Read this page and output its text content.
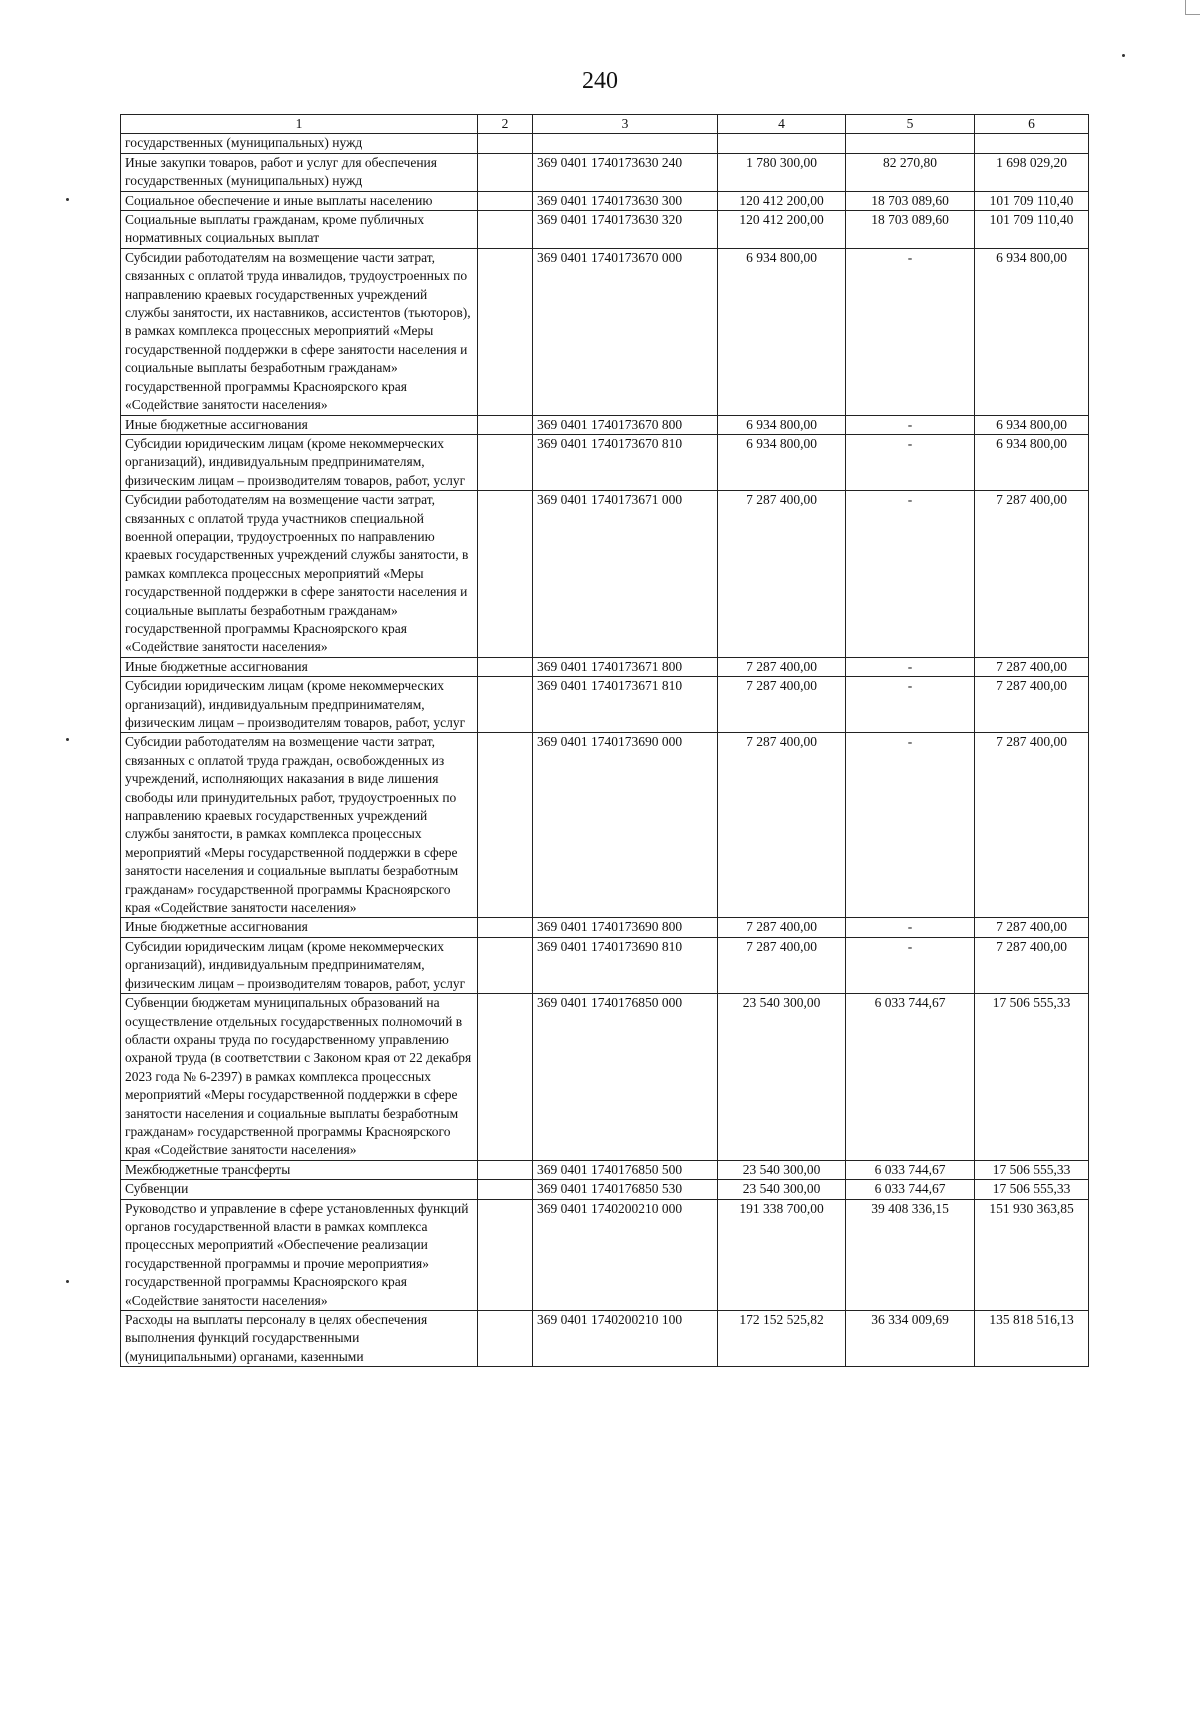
240
1	2	3	4	5	6
государственных (муниципальных) нужд					
Иные закупки товаров, работ и услуг для обеспечения государственных (муниципальных) нужд		369 0401 1740173630 240	1 780 300,00	82 270,80	1 698 029,20
Социальное обеспечение и иные выплаты населению		369 0401 1740173630 300	120 412 200,00	18 703 089,60	101 709 110,40
Социальные выплаты гражданам, кроме публичных нормативных социальных выплат		369 0401 1740173630 320	120 412 200,00	18 703 089,60	101 709 110,40
Субсидии работодателям на возмещение части затрат, связанных с оплатой труда инвалидов, трудоустроенных по направлению краевых государственных учреждений службы занятости, их наставников, ассистентов (тьюторов), в рамках комплекса процессных мероприятий «Меры государственной поддержки в сфере занятости населения и социальные выплаты безработным гражданам» государственной программы Красноярского края «Содействие занятости населения»		369 0401 1740173670 000	6 934 800,00	-	6 934 800,00
Иные бюджетные ассигнования		369 0401 1740173670 800	6 934 800,00	-	6 934 800,00
Субсидии юридическим лицам (кроме некоммерческих организаций), индивидуальным предпринимателям, физическим лицам – производителям товаров, работ, услуг		369 0401 1740173670 810	6 934 800,00	-	6 934 800,00
Субсидии работодателям на возмещение части затрат, связанных с оплатой труда участников специальной военной операции, трудоустроенных по направлению краевых государственных учреждений службы занятости, в рамках комплекса процессных мероприятий «Меры государственной поддержки в сфере занятости населения и социальные выплаты безработным гражданам» государственной программы Красноярского края «Содействие занятости населения»		369 0401 1740173671 000	7 287 400,00	-	7 287 400,00
Иные бюджетные ассигнования		369 0401 1740173671 800	7 287 400,00	-	7 287 400,00
Субсидии юридическим лицам (кроме некоммерческих организаций), индивидуальным предпринимателям, физическим лицам – производителям товаров, работ, услуг		369 0401 1740173671 810	7 287 400,00	-	7 287 400,00
Субсидии работодателям на возмещение части затрат, связанных с оплатой труда граждан, освобожденных из учреждений, исполняющих наказания в виде лишения свободы или принудительных работ, трудоустроенных по направлению краевых государственных учреждений службы занятости, в рамках комплекса процессных мероприятий «Меры государственной поддержки в сфере занятости населения и социальные выплаты безработным гражданам» государственной программы Красноярского края «Содействие занятости населения»		369 0401 1740173690 000	7 287 400,00	-	7 287 400,00
Иные бюджетные ассигнования		369 0401 1740173690 800	7 287 400,00	-	7 287 400,00
Субсидии юридическим лицам (кроме некоммерческих организаций), индивидуальным предпринимателям, физическим лицам – производителям товаров, работ, услуг		369 0401 1740173690 810	7 287 400,00	-	7 287 400,00
Субвенции бюджетам муниципальных образований на осуществление отдельных государственных полномочий в области охраны труда по государственному управлению охраной труда (в соответствии с Законом края от 22 декабря 2023 года № 6-2397) в рамках комплекса процессных мероприятий «Меры государственной поддержки в сфере занятости населения и социальные выплаты безработным гражданам» государственной программы Красноярского края «Содействие занятости населения»		369 0401 1740176850 000	23 540 300,00	6 033 744,67	17 506 555,33
Межбюджетные трансферты		369 0401 1740176850 500	23 540 300,00	6 033 744,67	17 506 555,33
Субвенции		369 0401 1740176850 530	23 540 300,00	6 033 744,67	17 506 555,33
Руководство и управление в сфере установленных функций органов государственной власти в рамках комплекса процессных мероприятий «Обеспечение реализации государственной программы и прочие мероприятия» государственной программы Красноярского края «Содействие занятости населения»		369 0401 1740200210 000	191 338 700,00	39 408 336,15	151 930 363,85
Расходы на выплаты персоналу в целях обеспечения выполнения функций государственными (муниципальными) органами, казенными		369 0401 1740200210 100	172 152 525,82	36 334 009,69	135 818 516,13
